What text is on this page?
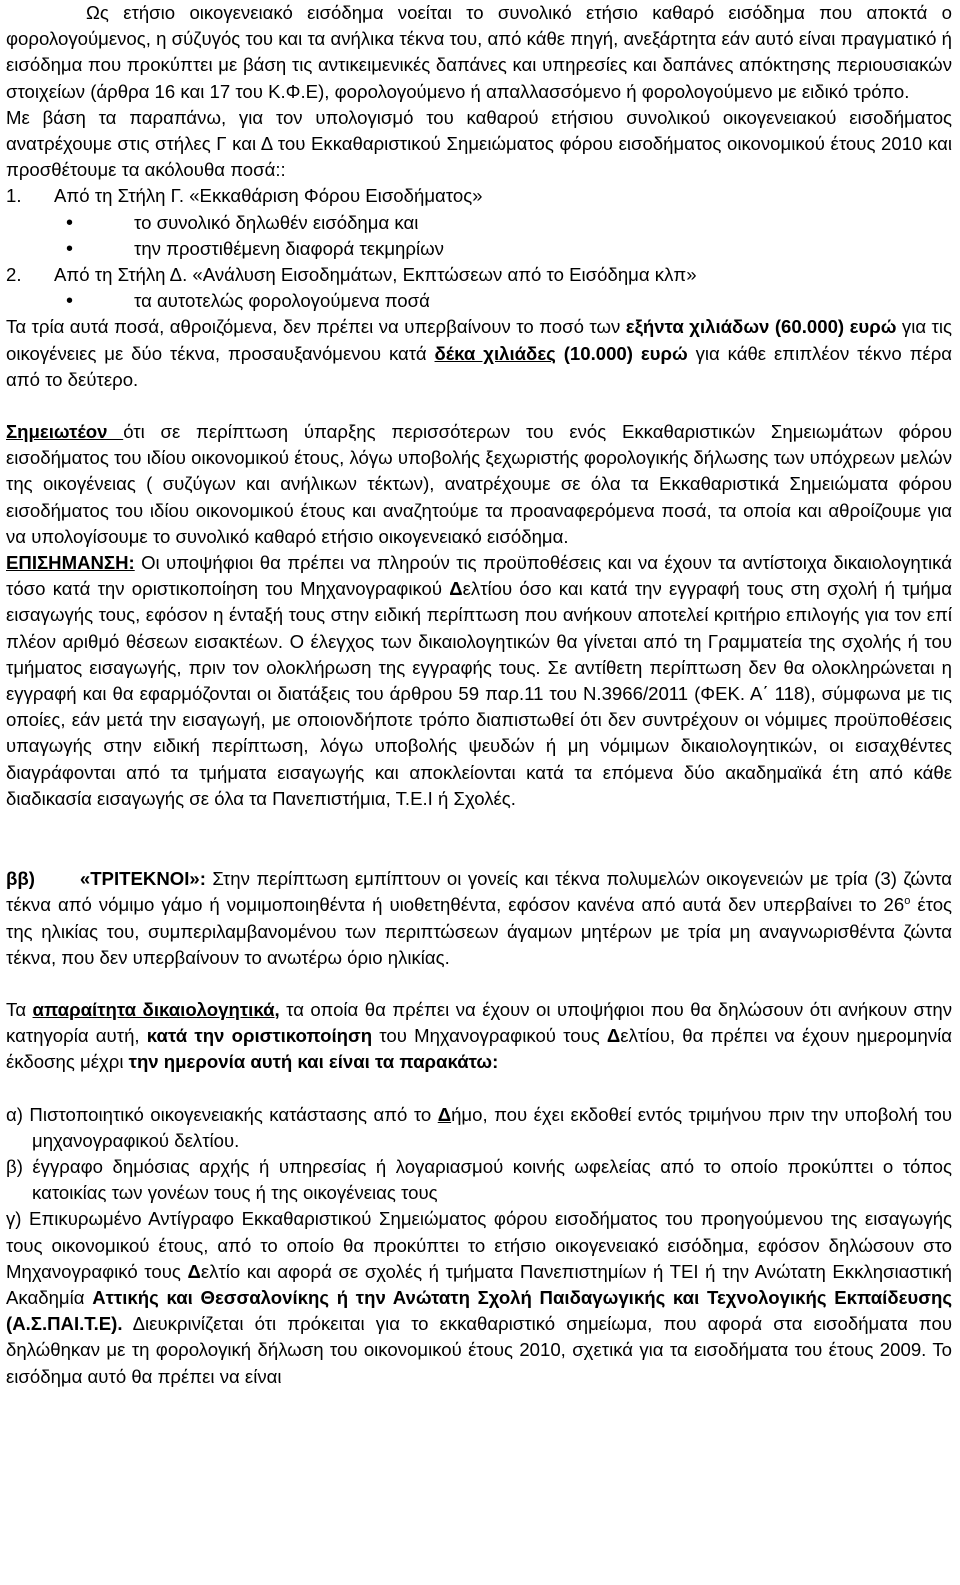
Ως ετήσιο οικογενειακό εισόδημα νοείται το συνολικό ετήσιο καθαρό εισόδημα που αποκτά ο φορολογούμενος, η σύζυγός του και τα ανήλικα τέκνα του, από κάθε πηγή, ανεξάρτητα εάν αυτό είναι πραγματικό ή εισόδημα που προκύπτει με βάση τις αντικειμενικές δαπάνες και υπηρεσίες και δαπάνες απόκτησης περιουσιακών στοιχείων (άρθρα 16 και 17 του Κ.Φ.Ε), φορολογούμενο ή απαλλασσόμενο ή φορολογούμενο με ειδικό τρόπο.

Με βάση τα παραπάνω, για τον υπολογισμό του καθαρού ετήσιου συνολικού οικογενειακού εισοδήματος ανατρέχουμε στις στήλες Γ και Δ του Εκκαθαριστικού Σημειώματος φόρου εισοδήματος οικονομικού έτους 2010 και προσθέτουμε τα ακόλουθα ποσά::

1. Από τη Στήλη Γ. «Εκκαθάριση Φόρου Εισοδήματος»

• το συνολικό δηλωθέν εισόδημα και

• την προστιθέμενη διαφορά τεκμηρίων

2. Από τη Στήλη Δ. «Ανάλυση Εισοδημάτων, Εκπτώσεων από το Εισόδημα κλπ»

• τα αυτοτελώς φορολογούμενα ποσά

Τα τρία αυτά ποσά, αθροιζόμενα, δεν πρέπει να υπερβαίνουν το ποσό των εξήντα χιλιάδων (60.000) ευρώ για τις οικογένειες με δύο τέκνα, προσαυξανόμενου κατά δέκα χιλιάδες (10.000) ευρώ για κάθε επιπλέον τέκνο πέρα από το δεύτερο.

Σημειωτέον ότι σε περίπτωση ύπαρξης περισσότερων του ενός Εκκαθαριστικών Σημειωμάτων φόρου εισοδήματος του ιδίου οικονομικού έτους, λόγω υποβολής ξεχωριστής φορολογικής δήλωσης των υπόχρεων μελών της οικογένειας ( συζύγων και ανήλικων τέκτων), ανατρέχουμε σε όλα τα Εκκαθαριστικά Σημειώματα φόρου εισοδήματος του ιδίου οικονομικού έτους και αναζητούμε τα προαναφερόμενα ποσά, τα οποία και αθροίζουμε για να υπολογίσουμε το συνολικό καθαρό ετήσιο οικογενειακό εισόδημα.

ΕΠΙΣΗΜΑΝΣΗ: Οι υποψήφιοι θα πρέπει να πληρούν τις προϋποθέσεις και να έχουν τα αντίστοιχα δικαιολογητικά τόσο κατά την οριστικοποίηση του Μηχανογραφικού Δελτίου όσο και κατά την εγγραφή τους στη σχολή ή τμήμα εισαγωγής τους, εφόσον η ένταξή τους στην ειδική περίπτωση που ανήκουν αποτελεί κριτήριο επιλογής για τον επί πλέον αριθμό θέσεων εισακτέων. Ο έλεγχος των δικαιολογητικών θα γίνεται από τη Γραμματεία της σχολής ή του τμήματος εισαγωγής, πριν τον ολοκλήρωση της εγγραφής τους. Σε αντίθετη περίπτωση δεν θα ολοκληρώνεται η εγγραφή και θα εφαρμόζονται οι διατάξεις του άρθρου 59 παρ.11 του Ν.3966/2011 (ΦΕΚ. Α΄ 118), σύμφωνα με τις οποίες, εάν μετά την εισαγωγή, με οποιονδήποτε τρόπο διαπιστωθεί ότι δεν συντρέχουν οι νόμιμες προϋποθέσεις υπαγωγής στην ειδική περίπτωση, λόγω υποβολής ψευδών ή μη νόμιμων δικαιολογητικών, οι εισαχθέντες διαγράφονται από τα τμήματα εισαγωγής και αποκλείονται κατά τα επόμενα δύο ακαδημαϊκά έτη από κάθε διαδικασία εισαγωγής σε όλα τα Πανεπιστήμια, Τ.Ε.Ι ή Σχολές.

ββ) «ΤΡΙΤΕΚΝΟΙ»: Στην περίπτωση εμπίπτουν οι γονείς και τέκνα πολυμελών οικογενειών με τρία (3) ζώντα τέκνα από νόμιμο γάμο ή νομιμοποιηθέντα ή υιοθετηθέντα, εφόσον κανένα από αυτά δεν υπερβαίνει το $26^o$ έτος της ηλικίας του, συμπεριλαμβανομένου των περιπτώσεων άγαμων μητέρων με τρία μη αναγνωρισθέντα ζώντα τέκνα, που δεν υπερβαίνουν το ανωτέρω όριο ηλικίας.

Τα απαραίτητα δικαιολογητικά, τα οποία θα πρέπει να έχουν οι υποψήφιοι που θα δηλώσουν ότι ανήκουν στην κατηγορία αυτή, κατά την οριστικοποίηση του Μηχανογραφικού τους Δελτίου, θα πρέπει να έχουν ημερομηνία έκδοσης μέχρι την ημερονία αυτή και είναι τα παρακάτω:

α) Πιστοποιητικό οικογενειακής κατάστασης από το Δήμο, που έχει εκδοθεί εντός τριμήνου πριν την υποβολή του μηχανογραφικού δελτίου.

β) έγγραφο δημόσιας αρχής ή υπηρεσίας ή λογαριασμού κοινής ωφελείας από το οποίο προκύπτει ο τόπος κατοικίας των γονέων τους ή της οικογένειας τους

γ) Επικυρωμένο Αντίγραφο Εκκαθαριστικού Σημειώματος φόρου εισοδήματος του προηγούμενου της εισαγωγής τους οικονομικού έτους, από το οποίο θα προκύπτει το ετήσιο οικογενειακό εισόδημα, εφόσον δηλώσουν στο Μηχανογραφικό τους Δελτίο και αφορά σε σχολές ή τμήματα Πανεπιστημίων ή ΤΕΙ ή την Ανώτατη Εκκλησιαστική Ακαδημία Αττικής και Θεσσαλονίκης ή την Ανώτατη Σχολή Παιδαγωγικής και Τεχνολογικής Εκπαίδευσης (Α.Σ.ΠΑΙ.Τ.Ε). Διευκρινίζεται ότι πρόκειται για το εκκαθαριστικό σημείωμα, που αφορά στα εισοδήματα που δηλώθηκαν με τη φορολογική δήλωση του οικονομικού έτους 2010, σχετικά για τα εισοδήματα του έτους 2009. Το εισόδημα αυτό θα πρέπει να είναι
